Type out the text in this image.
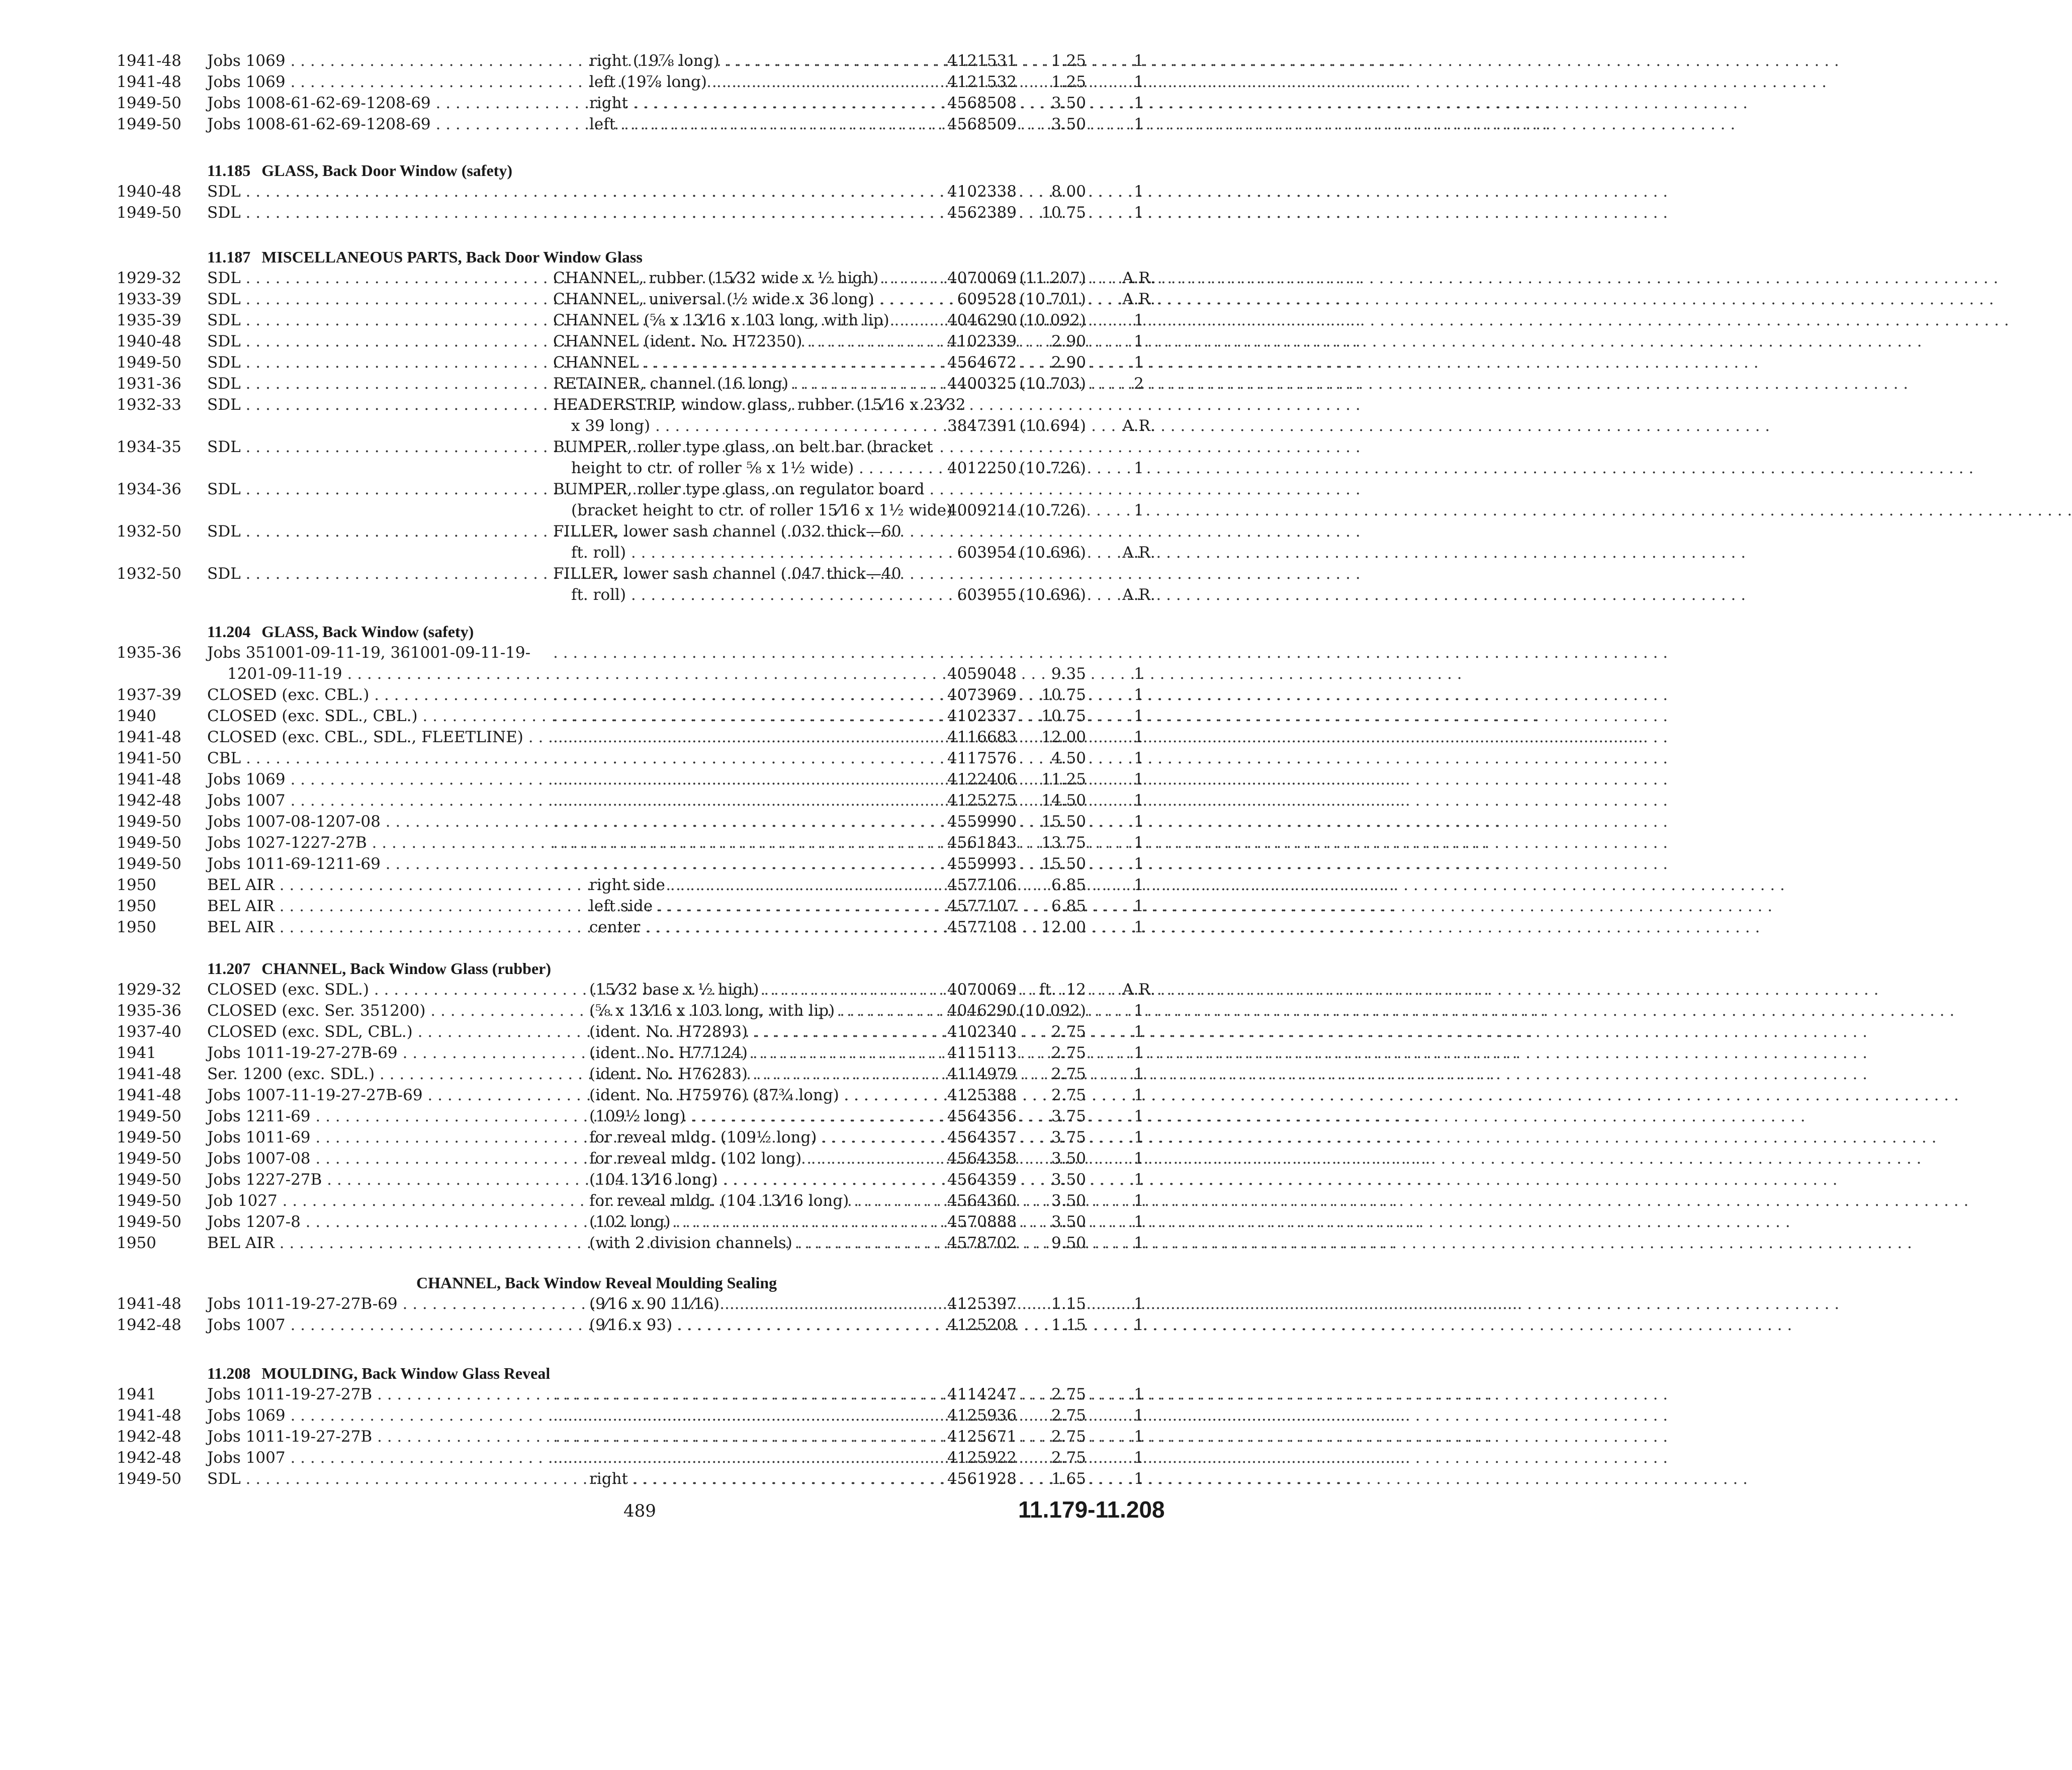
1941-48	Jobs 1069 . . .	right (19⅞ long) . . .	4121531	1.25	1
1941-48	Jobs 1069 . . .	left (19⅞ long) . . .	4121532	1.25	1
1949-50	Jobs 1008-61-62-69-1208-69 . . .	right . . .	4568508	3.50	1
1949-50	Jobs 1008-61-62-69-1208-69 . . .	left . . .	4568509	3.50	1
11.185 GLASS, Back Door Window (safety)
1940-48	SDL . . . . . .	4102338	8.00	1
1949-50	SDL . . . . . .	4562389	10.75	1
11.187 MISCELLANEOUS PARTS, Back Door Window Glass
1929-32	SDL . . .	CHANNEL, rubber (15⁄32 wide x ½ high) . . .	4070069 (11.207)	A.R.
1933-39	SDL . . .	CHANNEL, universal (½ wide x 36 long) . . .	609528 (10.701)	A.R.
1935-39	SDL . . .	CHANNEL (⅝ x 13⁄16 x 103 long, with lip) . . .	4046290 (10.092)	1
1940-48	SDL . . .	CHANNEL (ident. No. H72350) . . .	4102339	2.90	1
1949-50	SDL . . .	CHANNEL . . .	4564672	2.90	1
1931-36	SDL . . .	RETAINER, channel (16 long) . . .	4400325 (10.703)	2
1932-33	SDL . . .	HEADERSTRIP, window glass, rubber (15⁄16 x 23⁄32
x 39 long) . . .	3847391 (10.694)	A.R.
1934-35	SDL . . .	BUMPER, roller type glass, on belt bar (bracket
height to ctr. of roller ⅝ x 1½ wide) . . .	4012250 (10.726)	1
1934-36	SDL . . .	BUMPER, roller type glass, on regulator board
(bracket height to ctr. of roller 15⁄16 x 1½ wide) . . .
4009214 (10.726)	1
1932-50	SDL . . .	FILLER, lower sash channel (.032 thick—60
ft. roll) . . .	603954 (10.696)	A.R.
1932-50	SDL . . .	FILLER, lower sash channel (.047 thick—40
ft. roll) . . .	603955 (10.696)	A.R.
11.204 GLASS, Back Window (safety)
1935-36	Jobs 351001-09-11-19, 361001-09-11-19-
1201-09-11-19 . . .
. . .	4059048	9.35	1
1937-39	CLOSED (exc. CBL.) . . . . . .	4073969	10.75	1
1940	CLOSED (exc. SDL., CBL.) . . . . . .	4102337	10.75	1
1941-48	CLOSED (exc. CBL., SDL., FLEETLINE) . . . . . .	4116683	12.00	1
1941-50	CBL . . . . . .	4117576	4.50	1
1941-48	Jobs 1069 . . . . . .	4122406	11.25	1
1942-48	Jobs 1007 . . . . . .	4125275	14.50	1
1949-50	Jobs 1007-08-1207-08 . . . . . .	4559990	15.50	1
1949-50	Jobs 1027-1227-27B . . . . . .	4561843	13.75	1
1949-50	Jobs 1011-69-1211-69 . . . . . .	4559993	15.50	1
1950	BEL AIR . . .	right side . . .	4577106	6.85	1
1950	BEL AIR . . .	left side . . .	4577107	6.85	1
1950	BEL AIR . . .	center . . .	4577108	12.00	1
11.207 CHANNEL, Back Window Glass (rubber)
1929-32	CLOSED (exc. SDL.) . . .	(15⁄32 base x ½ high) . . .	4070069	ft. .12	A.R.
1935-36	CLOSED (exc. Ser. 351200) . . .	(⅝ x 13⁄16 x 103 long, with lip) . . .	4046290 (10.092)	1
1937-40	CLOSED (exc. SDL, CBL.) . . .	(ident. No. H72893) . . .	4102340	2.75	1
1941	Jobs 1011-19-27-27B-69 . . .	(ident. No. H77124) . . .	4115113	2.75	1
1941-48	Ser. 1200 (exc. SDL.) . . .	(ident. No. H76283) . . .	4114979	2.75	1
1941-48	Jobs 1007-11-19-27-27B-69 . . .	(ident. No. H75976) (87¾ long) . . .	4125388	2.75	1
1949-50	Jobs 1211-69 . . .	(109½ long) . . .	4564356	3.75	1
1949-50	Jobs 1011-69 . . .	for reveal mldg. (109½ long) . . .	4564357	3.75	1
1949-50	Jobs 1007-08 . . .	for reveal mldg. (102 long) . . .	4564358	3.50	1
1949-50	Jobs 1227-27B . . .	(104 13⁄16 long) . . .	4564359	3.50	1
1949-50	Job 1027 . . .	for reveal mldg. (104 13⁄16 long) . . .	4564360	3.50	1
1949-50	Jobs 1207-8 . . .	(102 long) . . .	4570888	3.50	1
1950	BEL AIR . . .	(with 2 division channels) . . .	4578702	9.50	1
CHANNEL, Back Window Reveal Moulding Sealing
1941-48	Jobs 1011-19-27-27B-69 . . .	(9⁄16 x 90 11⁄16) . . .	4125397	1.15	1
1942-48	Jobs 1007 . . .	(9⁄16 x 93) . . .	4125208	1.15	1
11.208 MOULDING, Back Window Glass Reveal
1941	Jobs 1011-19-27-27B . . . . . .	4114247	2.75	1
1941-48	Jobs 1069 . . . . . .	4125936	2.75	1
1942-48	Jobs 1011-19-27-27B . . . . . .	4125671	2.75	1
1942-48	Jobs 1007 . . . . . .	4125922	2.75	1
1949-50	SDL . . .	right . . .	4561928	1.65	1
489	11.179-11.208
